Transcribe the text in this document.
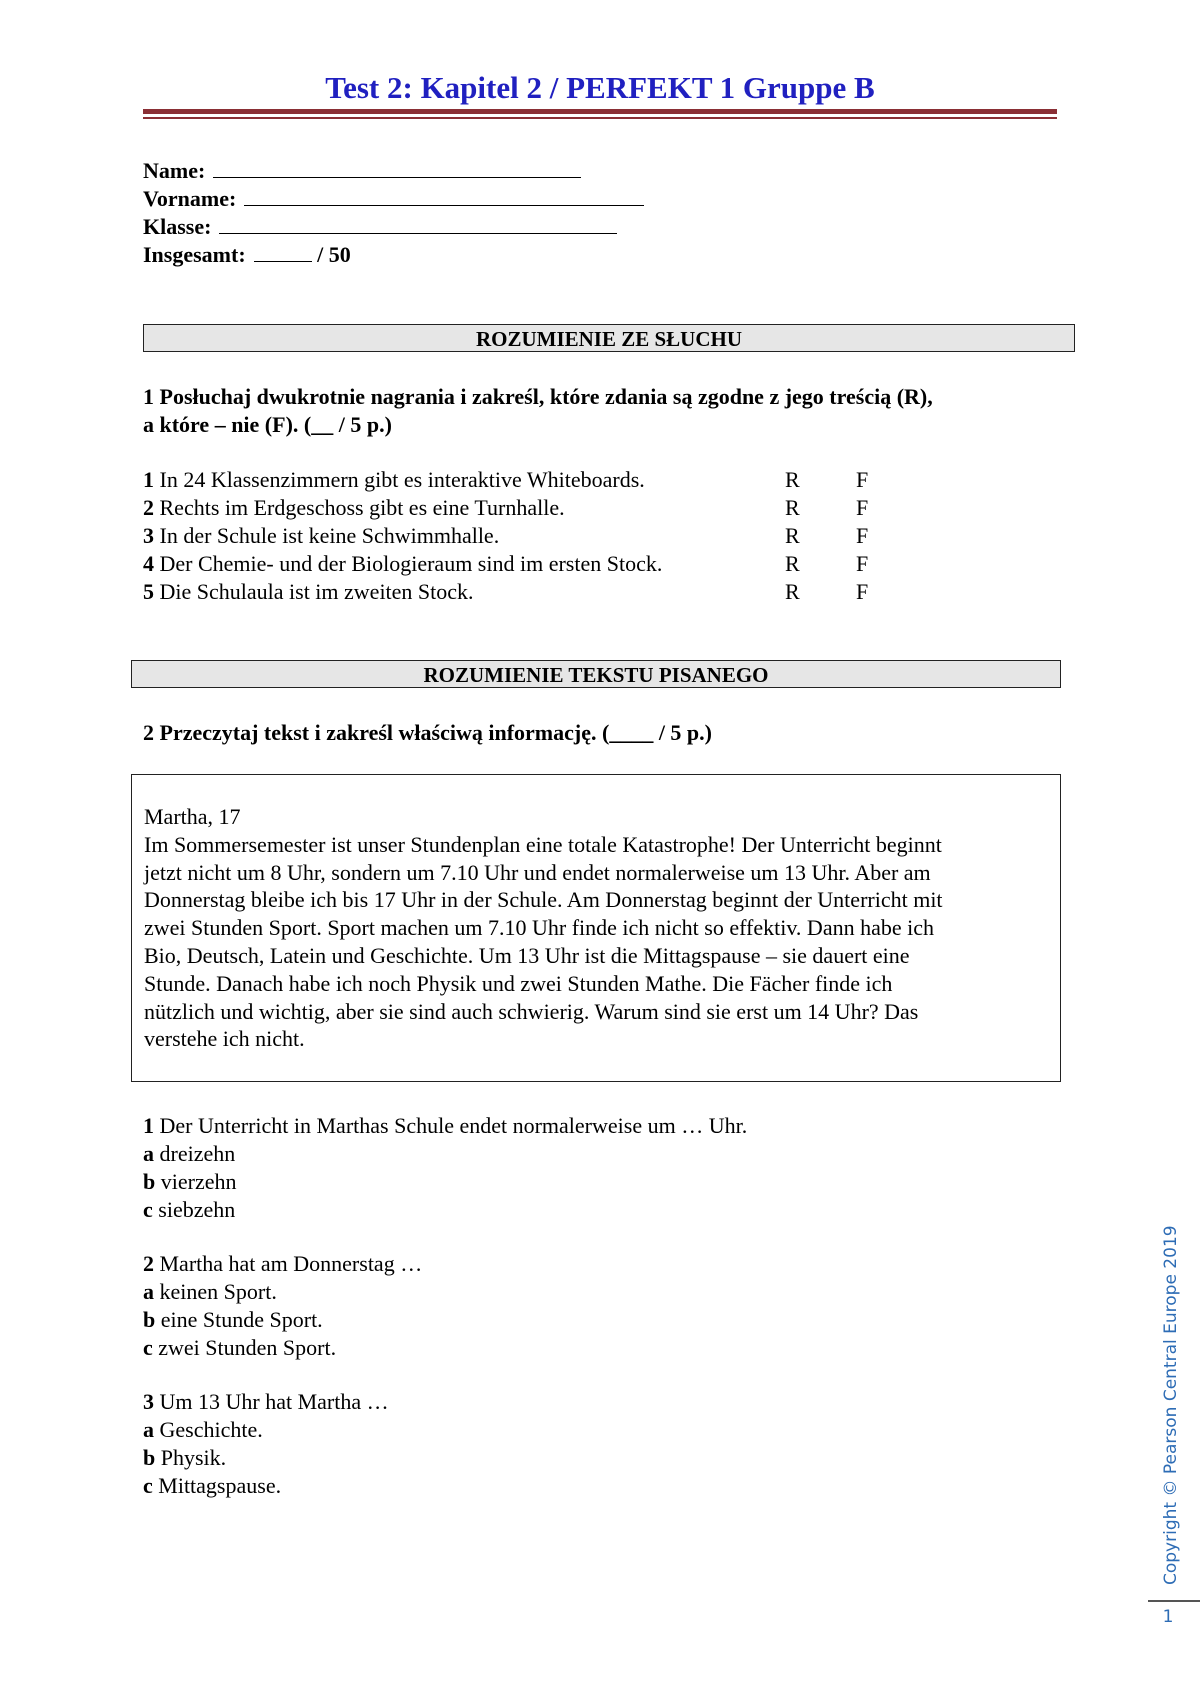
Test 2: Kapitel 2 / PERFEKT 1 Gruppe B
Name:
Vorname:
Klasse:
Insgesamt:	/ 50
ROZUMIENIE ZE SŁUCHU
1 Posłuchaj dwukrotnie nagrania i zakreśl, które zdania są zgodne z jego treścią (R),
a które – nie (F). (__ / 5 p.)
1 In 24 Klassenzimmern gibt es interaktive Whiteboards.	R	F
2 Rechts im Erdgeschoss gibt es eine Turnhalle.	R	F
3 In der Schule ist keine Schwimmhalle.	R	F
4 Der Chemie- und der Biologieraum sind im ersten Stock.	R	F
5 Die Schulaula ist im zweiten Stock.	R	F
ROZUMIENIE TEKSTU PISANEGO
2 Przeczytaj tekst i zakreśl właściwą informację. (____ / 5 p.)
Martha, 17
Im Sommersemester ist unser Stundenplan eine totale Katastrophe! Der Unterricht beginnt
jetzt nicht um 8 Uhr, sondern um 7.10 Uhr und endet normalerweise um 13 Uhr. Aber am
Donnerstag bleibe ich bis 17 Uhr in der Schule. Am Donnerstag beginnt der Unterricht mit
zwei Stunden Sport. Sport machen um 7.10 Uhr finde ich nicht so effektiv. Dann habe ich
Bio, Deutsch, Latein und Geschichte. Um 13 Uhr ist die Mittagspause – sie dauert eine
Stunde. Danach habe ich noch Physik und zwei Stunden Mathe. Die Fächer finde ich
nützlich und wichtig, aber sie sind auch schwierig. Warum sind sie erst um 14 Uhr? Das
verstehe ich nicht.
1 Der Unterricht in Marthas Schule endet normalerweise um … Uhr.
a dreizehn
b vierzehn
c siebzehn
2 Martha hat am Donnerstag …
a keinen Sport.
b eine Stunde Sport.
c zwei Stunden Sport.
3 Um 13 Uhr hat Martha …
a Geschichte.
b Physik.
c Mittagspause.	Copyright © Pearson Central Europe 2019
1
